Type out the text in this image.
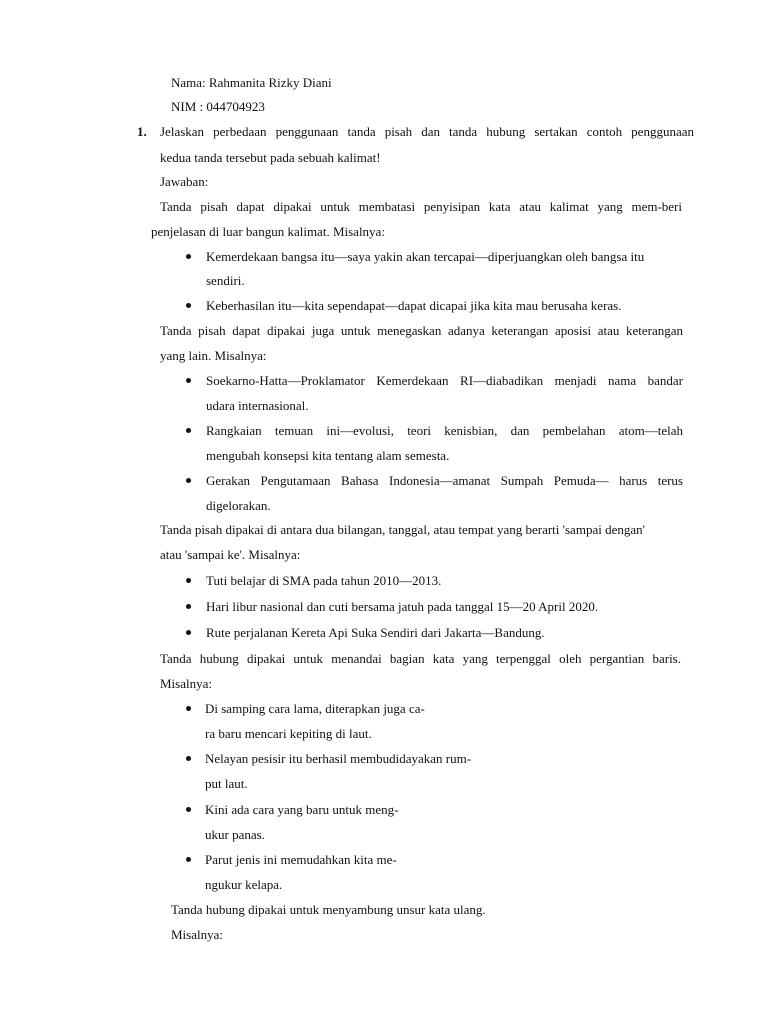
Nama: Rahmanita Rizky Diani
NIM : 044704923
1. Jelaskan perbedaan penggunaan tanda pisah dan tanda hubung sertakan contoh penggunaan
kedua tanda tersebut pada sebuah kalimat!
Jawaban:
Tanda pisah dapat dipakai untuk membatasi penyisipan kata atau kalimat yang mem-beri
penjelasan di luar bangun kalimat. Misalnya:
Kemerdekaan bangsa itu—saya yakin akan tercapai—diperjuangkan oleh bangsa itu
sendiri.
Keberhasilan itu—kita sependapat—dapat dicapai jika kita mau berusaha keras.
Tanda pisah dapat dipakai juga untuk menegaskan adanya keterangan aposisi atau keterangan
yang lain. Misalnya:
Soekarno-Hatta—Proklamator Kemerdekaan RI—diabadikan menjadi nama bandar
udara internasional.
Rangkaian temuan ini—evolusi, teori kenisbian, dan pembelahan atom—telah
mengubah konsepsi kita tentang alam semesta.
Gerakan Pengutamaan Bahasa Indonesia—amanat Sumpah Pemuda— harus terus
digelorakan.
Tanda pisah dipakai di antara dua bilangan, tanggal, atau tempat yang berarti 'sampai dengan'
atau 'sampai ke'. Misalnya:
Tuti belajar di SMA pada tahun 2010—2013.
Hari libur nasional dan cuti bersama jatuh pada tanggal 15—20 April 2020.
Rute perjalanan Kereta Api Suka Sendiri dari Jakarta—Bandung.
Tanda hubung dipakai untuk menandai bagian kata yang terpenggal oleh pergantian baris.
Misalnya:
Di samping cara lama, diterapkan juga ca-
ra baru mencari kepiting di laut.
Nelayan pesisir itu berhasil membudidayakan rum-
put laut.
Kini ada cara yang baru untuk meng-
ukur panas.
Parut jenis ini memudahkan kita me-
ngukur kelapa.
Tanda hubung dipakai untuk menyambung unsur kata ulang.
Misalnya:
